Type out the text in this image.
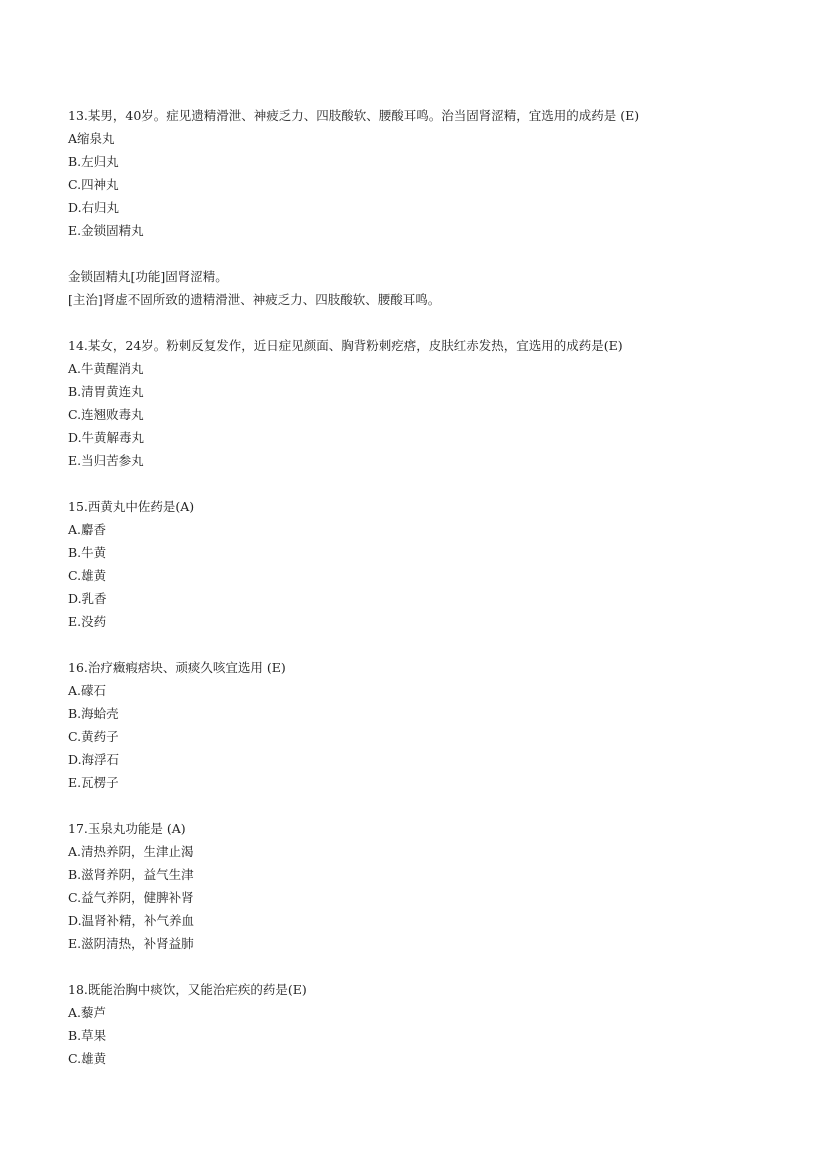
13.某男，40岁。症见遗精滑泄、神疲乏力、四肢酸软、腰酸耳鸣。治当固肾涩精，宜选用的成药是 (E)
A缩泉丸
B.左归丸
C.四神丸
D.右归丸
E.金锁固精丸
金锁固精丸[功能]固肾涩精。
[主治]肾虚不固所致的遗精滑泄、神疲乏力、四肢酸软、腰酸耳鸣。
14.某女，24岁。粉刺反复发作，近日症见颜面、胸背粉刺疙瘩，皮肤红赤发热，宜选用的成药是(E)
A.牛黄醒消丸
B.清胃黄连丸
C.连翘败毒丸
D.牛黄解毒丸
E.当归苦参丸
15.西黄丸中佐药是(A)
A.麝香
B.牛黄
C.雄黄
D.乳香
E.没药
16.治疗癥瘕痞块、顽痰久咳宜选用 (E)
A.礞石
B.海蛤壳
C.黄药子
D.海浮石
E.瓦楞子
17.玉泉丸功能是 (A)
A.清热养阴，生津止渴
B.滋肾养阴，益气生津
C.益气养阴，健脾补肾
D.温肾补精，补气养血
E.滋阴清热，补肾益肺
18.既能治胸中痰饮，又能治疟疾的药是(E)
A.藜芦
B.草果
C.雄黄
